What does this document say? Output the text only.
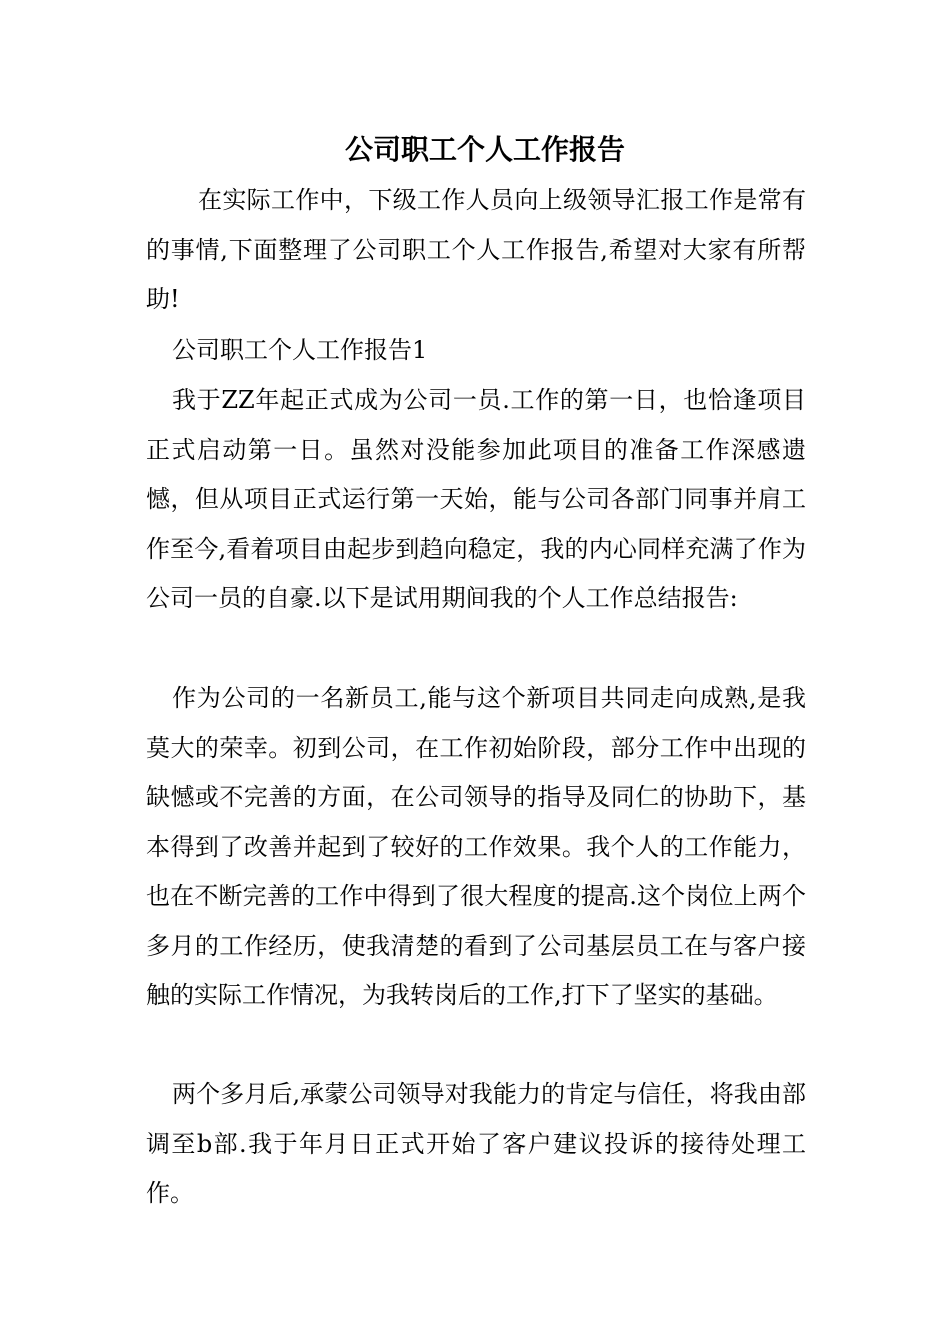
公司职工个人工作报告

在实际工作中，下级工作人员向上级领导汇报工作是常有的事情,下面整理了公司职工个人工作报告,希望对大家有所帮助!

公司职工个人工作报告1

我于ZZ年起正式成为公司一员.工作的第一日，也恰逢项目正式启动第一日。虽然对没能参加此项目的准备工作深感遗憾，但从项目正式运行第一天始，能与公司各部门同事并肩工作至今,看着项目由起步到趋向稳定，我的内心同样充满了作为公司一员的自豪.以下是试用期间我的个人工作总结报告:

作为公司的一名新员工,能与这个新项目共同走向成熟,是我莫大的荣幸。初到公司，在工作初始阶段，部分工作中出现的缺憾或不完善的方面，在公司领导的指导及同仁的协助下，基本得到了改善并起到了较好的工作效果。我个人的工作能力，也在不断完善的工作中得到了很大程度的提高.这个岗位上两个多月的工作经历，使我清楚的看到了公司基层员工在与客户接触的实际工作情况，为我转岗后的工作,打下了坚实的基础。

两个多月后,承蒙公司领导对我能力的肯定与信任，将我由部调至b部.我于年月日正式开始了客户建议投诉的接待处理工作。
